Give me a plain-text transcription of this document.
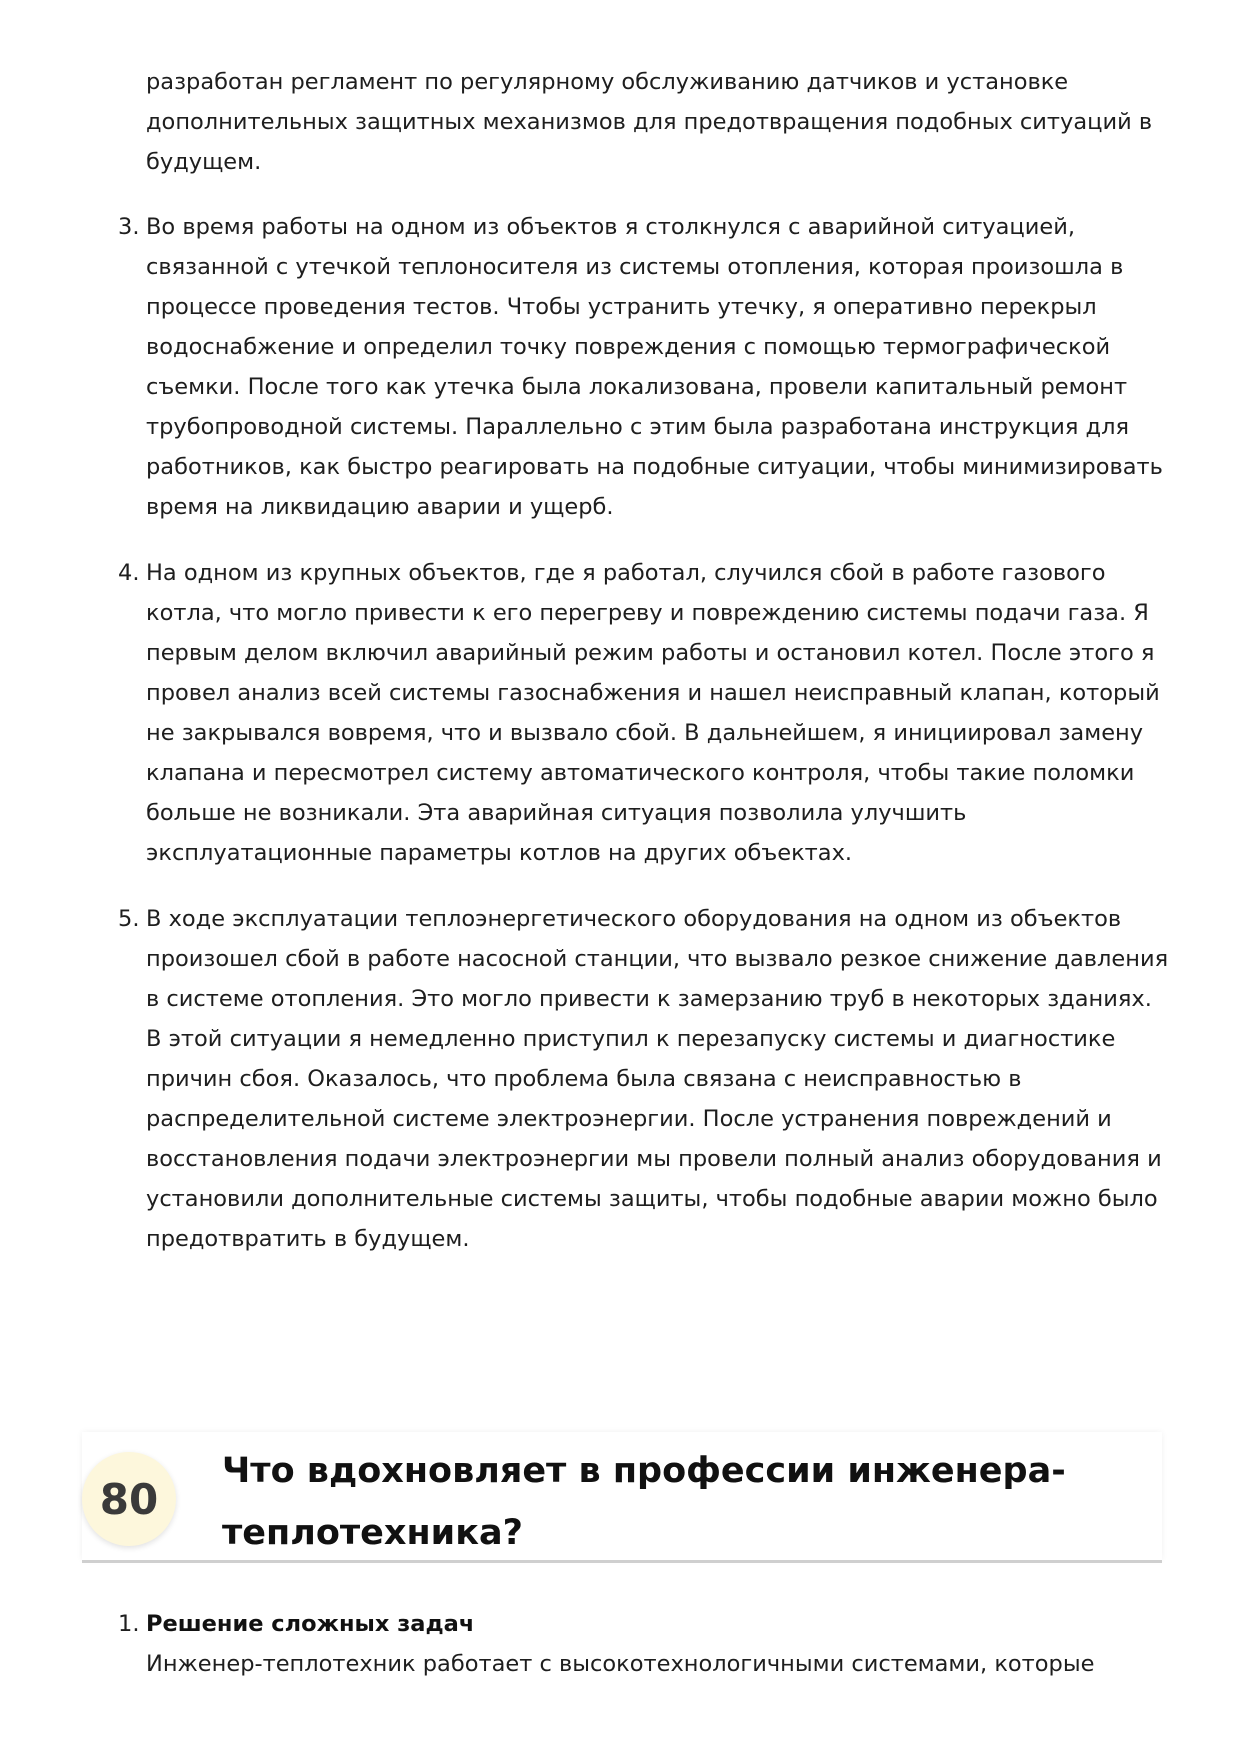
разработан регламент по регулярному обслуживанию датчиков и установке дополнительных защитных механизмов для предотвращения подобных ситуаций в будущем.

3. Во время работы на одном из объектов я столкнулся с аварийной ситуацией, связанной с утечкой теплоносителя из системы отопления, которая произошла в процессе проведения тестов. Чтобы устранить утечку, я оперативно перекрыл водоснабжение и определил точку повреждения с помощью термографической съемки. После того как утечка была локализована, провели капитальный ремонт трубопроводной системы. Параллельно с этим была разработана инструкция для работников, как быстро реагировать на подобные ситуации, чтобы минимизировать время на ликвидацию аварии и ущерб.
4. На одном из крупных объектов, где я работал, случился сбой в работе газового котла, что могло привести к его перегреву и повреждению системы подачи газа. Я первым делом включил аварийный режим работы и остановил котел. После этого я провел анализ всей системы газоснабжения и нашел неисправный клапан, который не закрывался вовремя, что и вызвало сбой. В дальнейшем, я инициировал замену клапана и пересмотрел систему автоматического контроля, чтобы такие поломки больше не возникали. Эта аварийная ситуация позволила улучшить эксплуатационные параметры котлов на других объектах.
5. В ходе эксплуатации теплоэнергетического оборудования на одном из объектов произошел сбой в работе насосной станции, что вызвало резкое снижение давления в системе отопления. Это могло привести к замерзанию труб в некоторых зданиях. В этой ситуации я немедленно приступил к перезапуску системы и диагностике причин сбоя. Оказалось, что проблема была связана с неисправностью в распределительной системе электроэнергии. После устранения повреждений и восстановления подачи электроэнергии мы провели полный анализ оборудования и установили дополнительные системы защиты, чтобы подобные аварии можно было предотвратить в будущем.
80
Что вдохновляет в профессии инженера-теплотехника?
1. Решение сложных задач
Инженер-теплотехник работает с высокотехнологичными системами, которые
